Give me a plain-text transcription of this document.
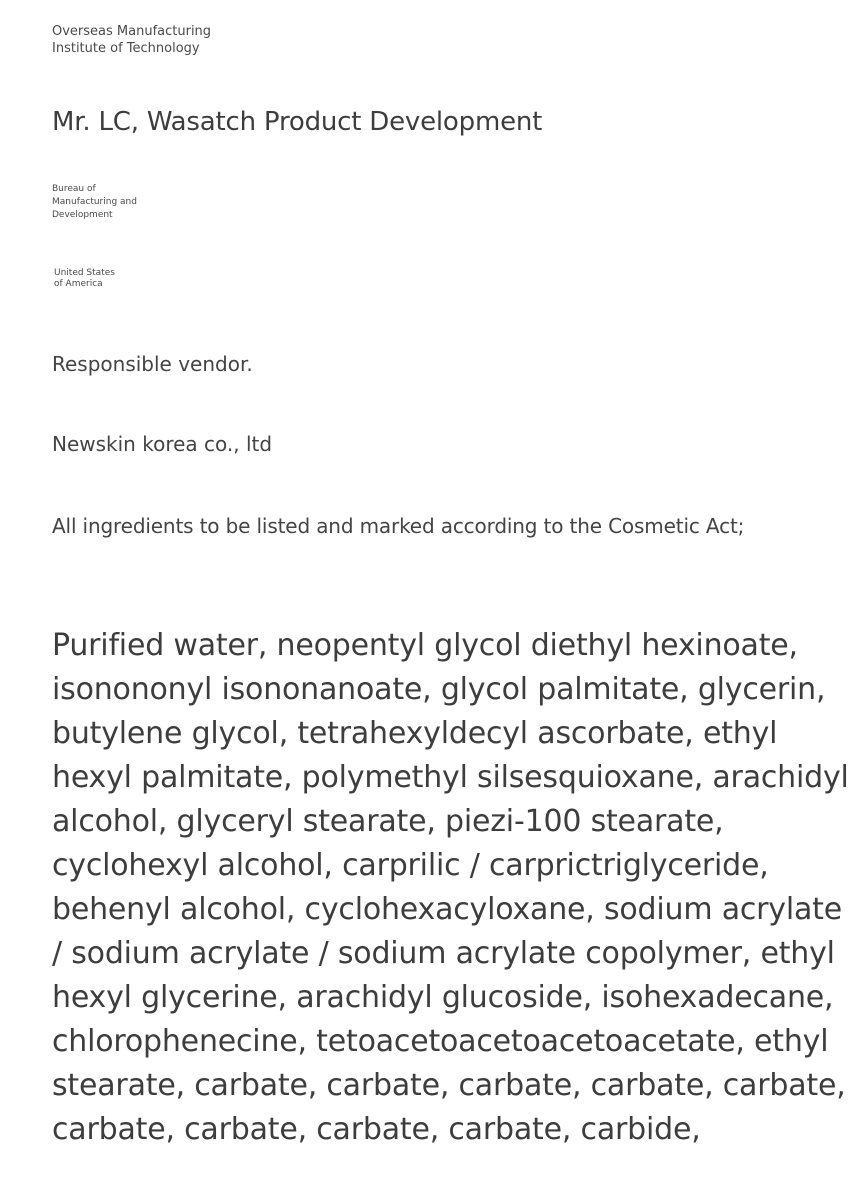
Overseas Manufacturing
Institute of Technology
Mr. LC, Wasatch Product Development
Bureau of
Manufacturing and
Development
United States
of America
Responsible vendor.
Newskin korea co., ltd
All ingredients to be listed and marked according to the Cosmetic Act;
Purified water, neopentyl glycol diethyl hexinoate,
isonononyl isononanoate, glycol palmitate, glycerin,
butylene glycol, tetrahexyldecyl ascorbate, ethyl
hexyl palmitate, polymethyl silsesquioxane, arachidyl
alcohol, glyceryl stearate, piezi-100 stearate,
cyclohexyl alcohol, carprilic / carprictriglyceride,
behenyl alcohol, cyclohexacyloxane, sodium acrylate
/ sodium acrylate / sodium acrylate copolymer, ethyl
hexyl glycerine, arachidyl glucoside, isohexadecane,
chlorophenecine, tetoacetoacetoacetoacetate, ethyl
stearate, carbate, carbate, carbate, carbate, carbate,
carbate, carbate, carbate, carbate, carbide,
